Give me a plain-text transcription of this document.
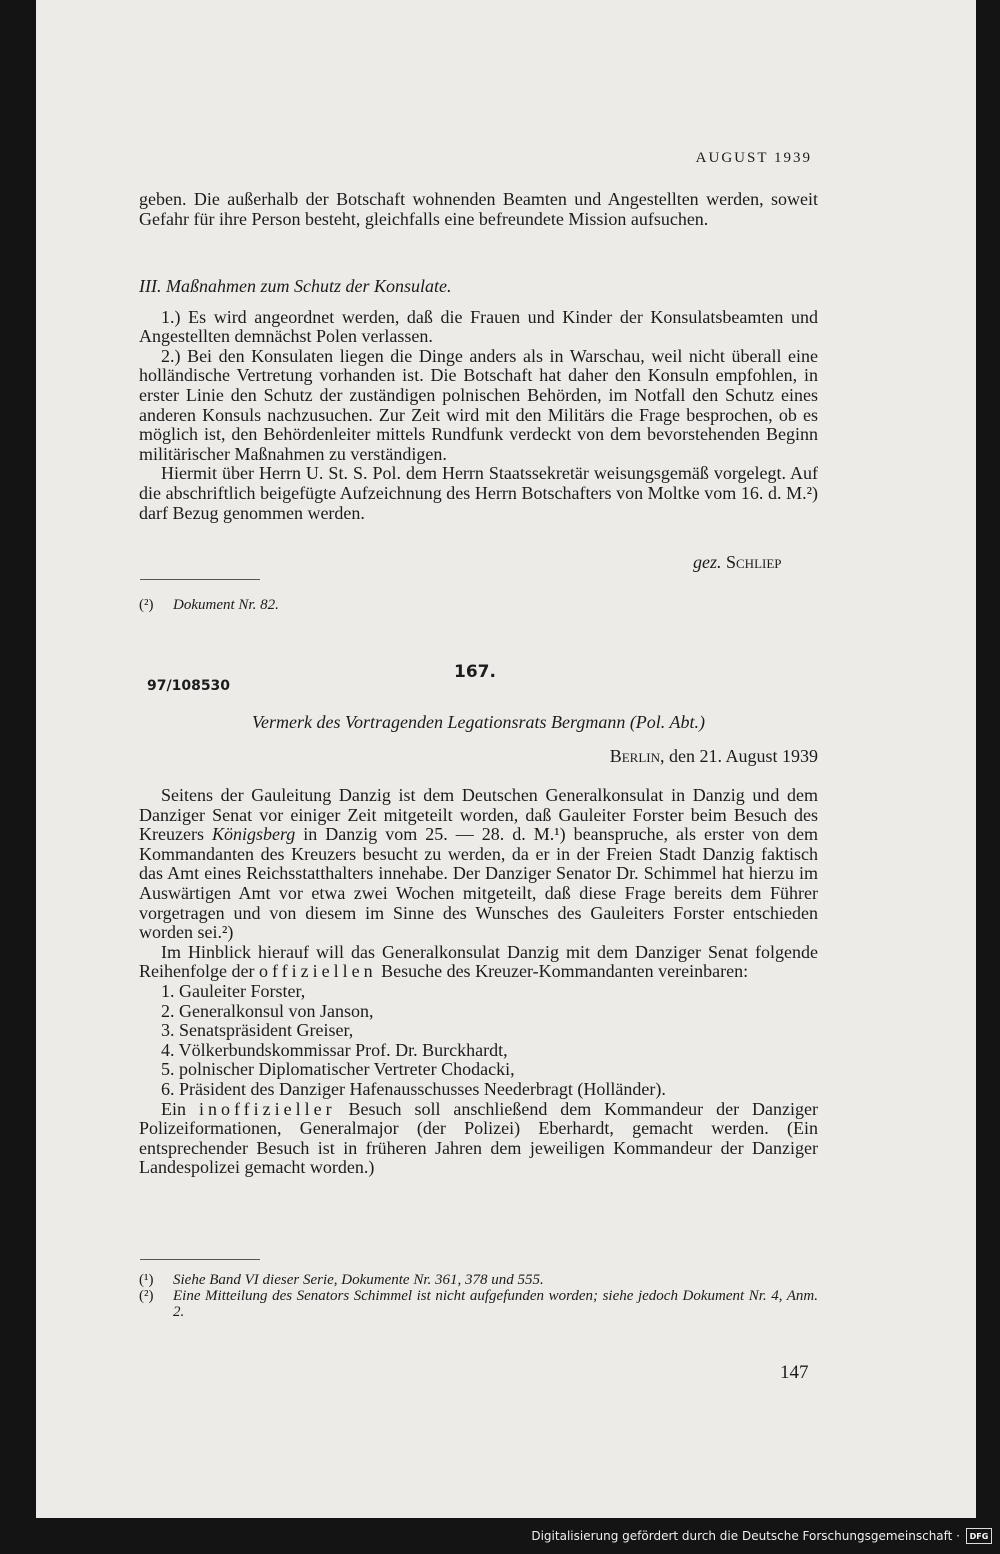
AUGUST 1939

geben. Die außerhalb der Botschaft wohnenden Beamten und Angestellten werden, soweit Gefahr für ihre Person besteht, gleichfalls eine befreundete Mission aufsuchen.

III. Maßnahmen zum Schutz der Konsulate.

1.) Es wird angeordnet werden, daß die Frauen und Kinder der Konsulatsbeamten und Angestellten demnächst Polen verlassen.

2.) Bei den Konsulaten liegen die Dinge anders als in Warschau, weil nicht überall eine holländische Vertretung vorhanden ist. Die Botschaft hat daher den Konsuln empfohlen, in erster Linie den Schutz der zuständigen polnischen Behörden, im Notfall den Schutz eines anderen Konsuls nachzusuchen. Zur Zeit wird mit den Militärs die Frage besprochen, ob es möglich ist, den Behördenleiter mittels Rundfunk verdeckt von dem bevorstehenden Beginn militärischer Maßnahmen zu verständigen.

Hiermit über Herrn U. St. S. Pol. dem Herrn Staatssekretär weisungsgemäß vorgelegt. Auf die abschriftlich beigefügte Aufzeichnung des Herrn Botschafters von Moltke vom 16. d. M.²) darf Bezug genommen werden.

gez. Schliep
(²)	Dokument Nr. 82.
167.
97/108530
Vermerk des Vortragenden Legationsrats Bergmann (Pol. Abt.)
Berlin, den 21. August 1939

Seitens der Gauleitung Danzig ist dem Deutschen Generalkonsulat in Danzig und dem Danziger Senat vor einiger Zeit mitgeteilt worden, daß Gauleiter Forster beim Besuch des Kreuzers Königsberg in Danzig vom 25. — 28. d. M.¹) beanspruche, als erster von dem Kommandanten des Kreuzers besucht zu werden, da er in der Freien Stadt Danzig faktisch das Amt eines Reichsstatthalters innehabe. Der Danziger Senator Dr. Schimmel hat hierzu im Auswärtigen Amt vor etwa zwei Wochen mitgeteilt, daß diese Frage bereits dem Führer vorgetragen und von diesem im Sinne des Wunsches des Gauleiters Forster entschieden worden sei.²)

Im Hinblick hierauf will das Generalkonsulat Danzig mit dem Danziger Senat folgende Reihenfolge der offiziellen Besuche des Kreuzer-Kommandanten vereinbaren:

1. Gauleiter Forster,

2. Generalkonsul von Janson,

3. Senatspräsident Greiser,

4. Völkerbundskommissar Prof. Dr. Burckhardt,

5. polnischer Diplomatischer Vertreter Chodacki,

6. Präsident des Danziger Hafenausschusses Neederbragt (Holländer).

Ein inoffizieller Besuch soll anschließend dem Kommandeur der Danziger Polizeiformationen, Generalmajor (der Polizei) Eberhardt, gemacht werden. (Ein entsprechender Besuch ist in früheren Jahren dem jeweiligen Kommandeur der Danziger Landespolizei gemacht worden.)

(¹)	Siehe Band VI dieser Serie, Dokumente Nr. 361, 378 und 555.
(²)	Eine Mitteilung des Senators Schimmel ist nicht aufgefunden worden; siehe jedoch Dokument Nr. 4, Anm. 2.
147
Digitalisierung gefördert durch die Deutsche Forschungsgemeinschaft ·	DFG
